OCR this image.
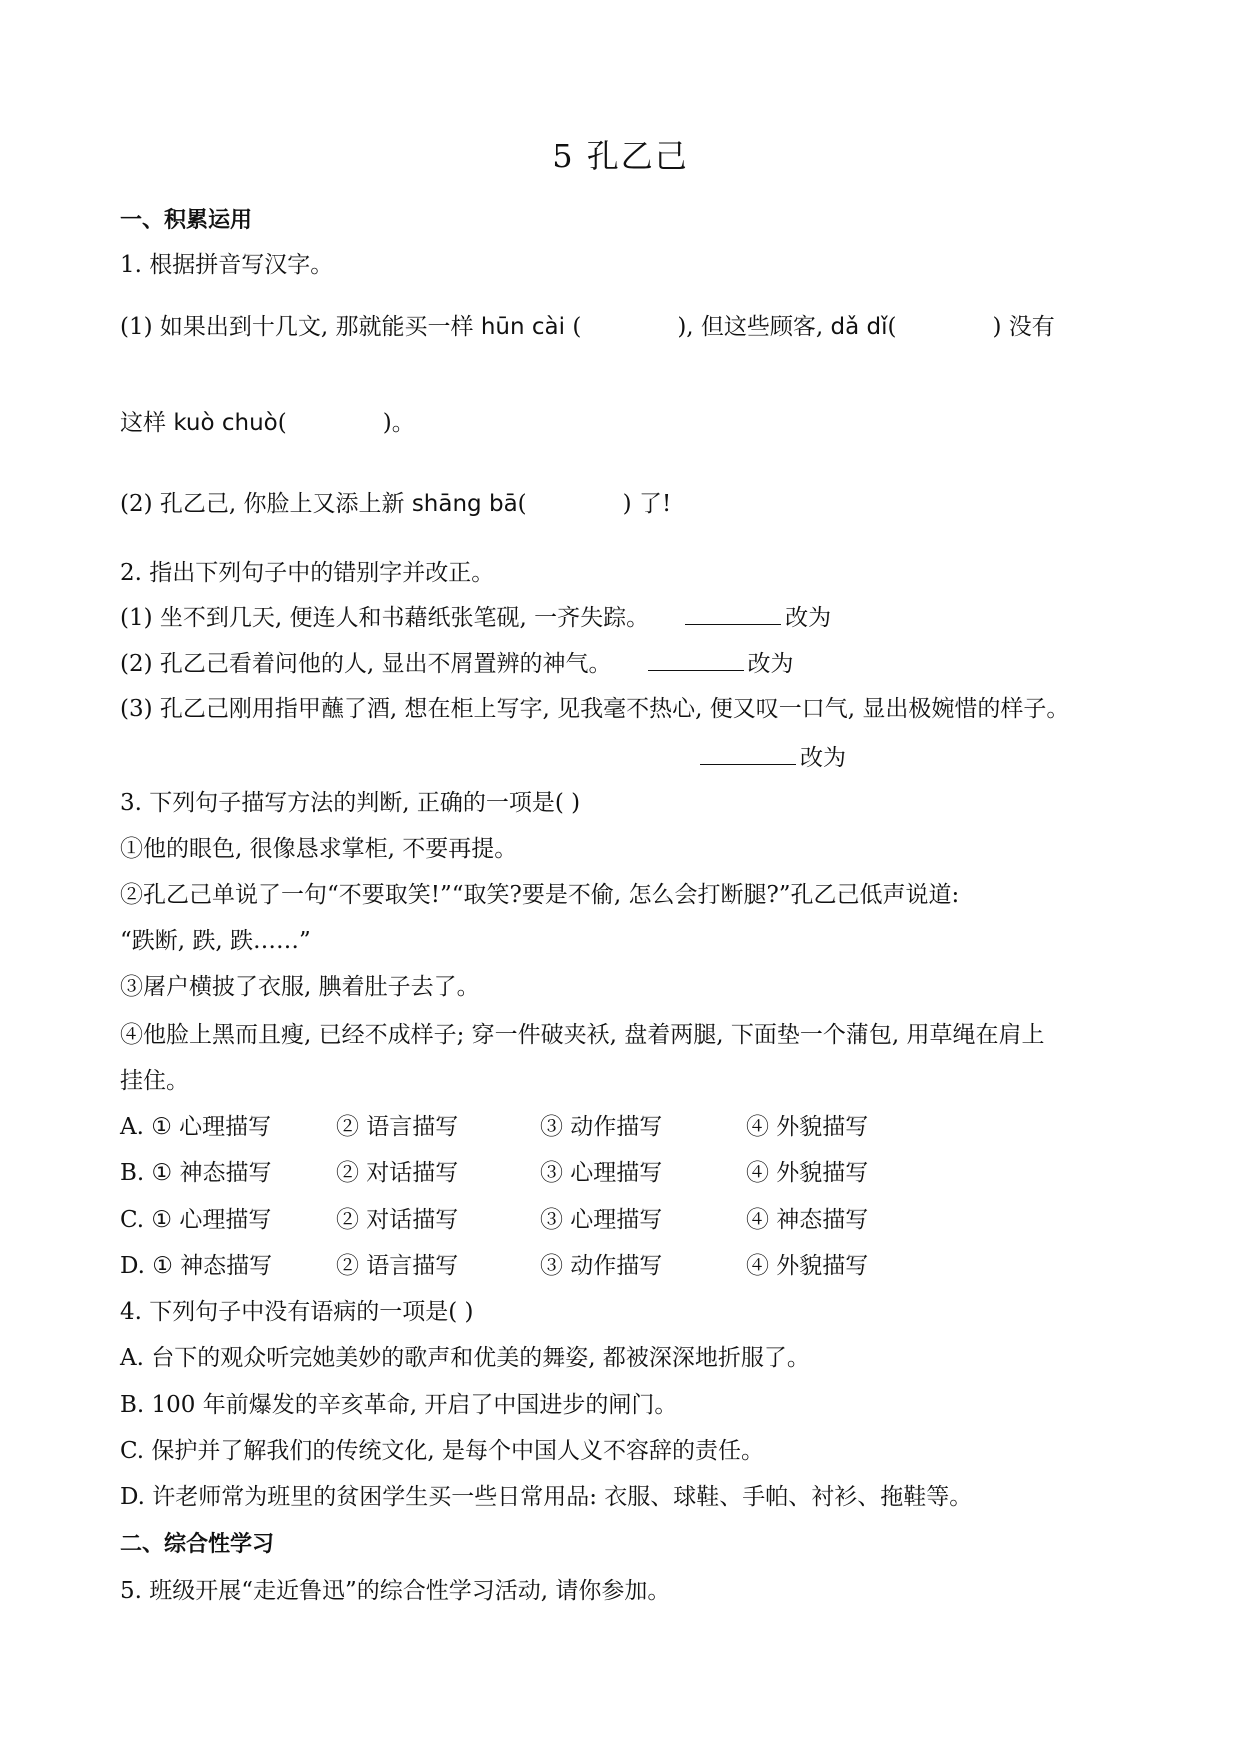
5 孔乙己
一、积累运用
1. 根据拼音写汉字。
(1) 如果出到十几文, 那就能买一样 hūn cài (	), 但这些顾客, dǎ dǐ(	) 没有
这样 kuò chuò(	)。
(2) 孔乙己, 你脸上又添上新 shāng bā(	) 了!
2. 指出下列句子中的错别字并改正。
(1) 坐不到几天, 便连人和书藉纸张笔砚, 一齐失踪。	改为
(2) 孔乙己看着问他的人, 显出不屑置辨的神气。	改为
(3) 孔乙己刚用指甲蘸了酒, 想在柜上写字, 见我毫不热心, 便又叹一口气, 显出极婉惜的样子。
改为
3. 下列句子描写方法的判断, 正确的一项是( )
①他的眼色, 很像恳求掌柜, 不要再提。
②孔乙己单说了一句“不要取笑!”“取笑?要是不偷, 怎么会打断腿?”孔乙己低声说道:
“跌断, 跌, 跌……”
③屠户横披了衣服, 腆着肚子去了。
④他脸上黑而且瘦, 已经不成样子; 穿一件破夹袄, 盘着两腿, 下面垫一个蒲包, 用草绳在肩上
挂住。
A. ① 心理描写	② 语言描写	③ 动作描写	④ 外貌描写
B. ① 神态描写	② 对话描写	③ 心理描写	④ 外貌描写
C. ① 心理描写	② 对话描写	③ 心理描写	④ 神态描写
D. ① 神态描写	② 语言描写	③ 动作描写	④ 外貌描写
4. 下列句子中没有语病的一项是( )
A. 台下的观众听完她美妙的歌声和优美的舞姿, 都被深深地折服了。
B. 100 年前爆发的辛亥革命, 开启了中国进步的闸门。
C. 保护并了解我们的传统文化, 是每个中国人义不容辞的责任。
D. 许老师常为班里的贫困学生买一些日常用品: 衣服、球鞋、手帕、衬衫、拖鞋等。
二、综合性学习
5. 班级开展“走近鲁迅”的综合性学习活动, 请你参加。
